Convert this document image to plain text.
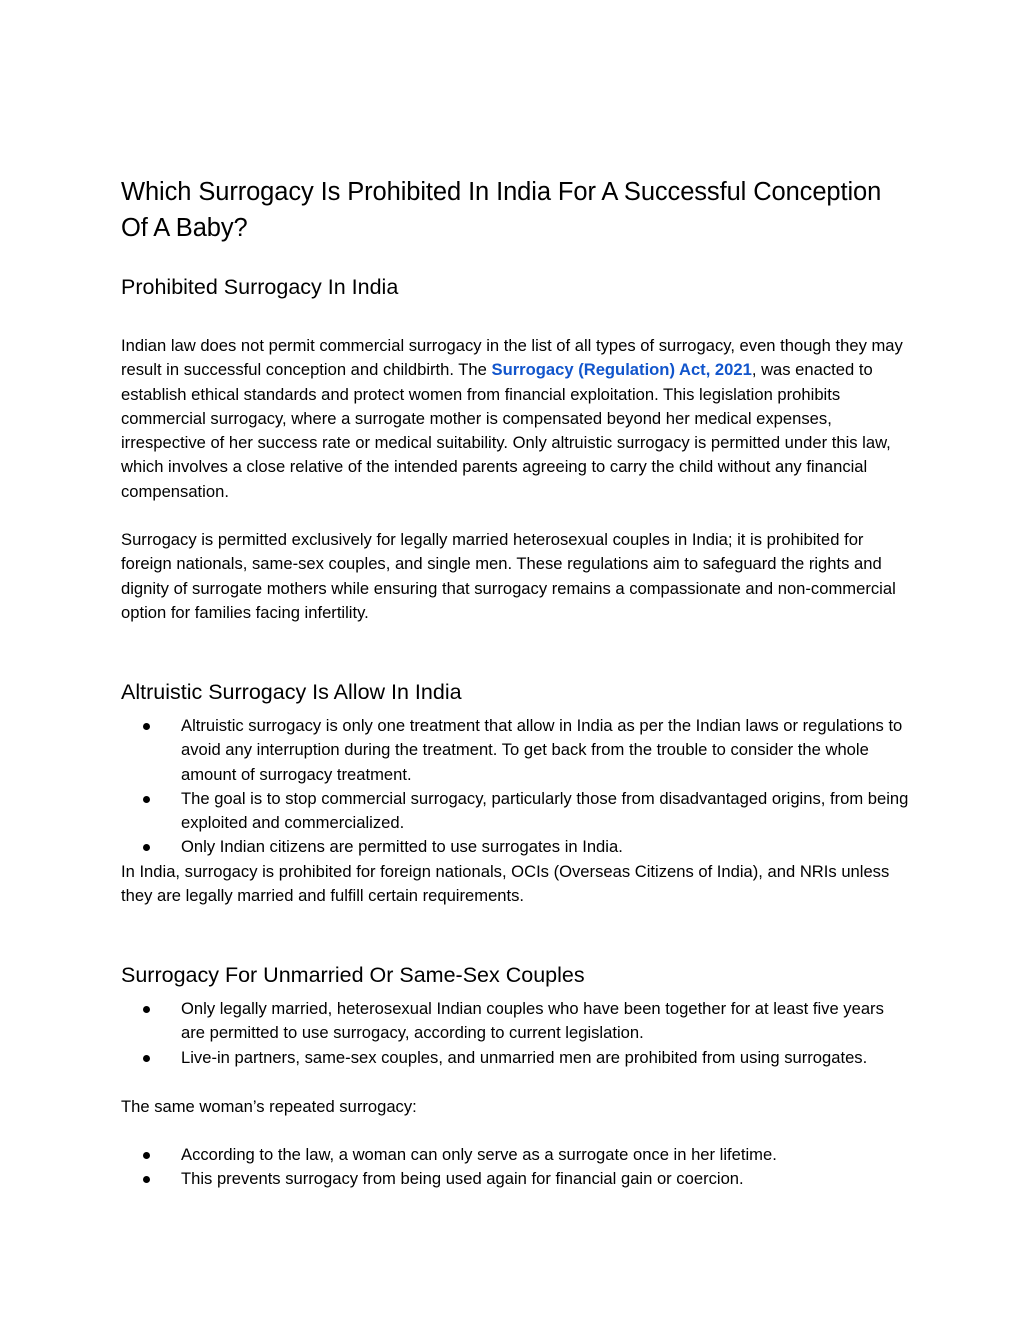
Which Surrogacy Is Prohibited In India For A Successful Conception Of A Baby?
Prohibited Surrogacy In India

Indian law does not permit commercial surrogacy in the list of all types of surrogacy, even though they may result in successful conception and childbirth. The Surrogacy (Regulation) Act, 2021, was enacted to establish ethical standards and protect women from financial exploitation. This legislation prohibits commercial surrogacy, where a surrogate mother is compensated beyond her medical expenses, irrespective of her success rate or medical suitability. Only altruistic surrogacy is permitted under this law, which involves a close relative of the intended parents agreeing to carry the child without any financial compensation.

Surrogacy is permitted exclusively for legally married heterosexual couples in India; it is prohibited for foreign nationals, same-sex couples, and single men. These regulations aim to safeguard the rights and dignity of surrogate mothers while ensuring that surrogacy remains a compassionate and non-commercial option for families facing infertility.

Altruistic Surrogacy Is Allow In India
Altruistic surrogacy is only one treatment that allow in India as per the Indian laws or regulations to avoid any interruption during the treatment. To get back from the trouble to consider the whole amount of surrogacy treatment.
The goal is to stop commercial surrogacy, particularly those from disadvantaged origins, from being exploited and commercialized.
Only Indian citizens are permitted to use surrogates in India.

In India, surrogacy is prohibited for foreign nationals, OCIs (Overseas Citizens of India), and NRIs unless they are legally married and fulfill certain requirements.

Surrogacy For Unmarried Or Same-Sex Couples
Only legally married, heterosexual Indian couples who have been together for at least five years are permitted to use surrogacy, according to current legislation.
Live-in partners, same-sex couples, and unmarried men are prohibited from using surrogates.

The same woman’s repeated surrogacy:

According to the law, a woman can only serve as a surrogate once in her lifetime.
This prevents surrogacy from being used again for financial gain or coercion.
